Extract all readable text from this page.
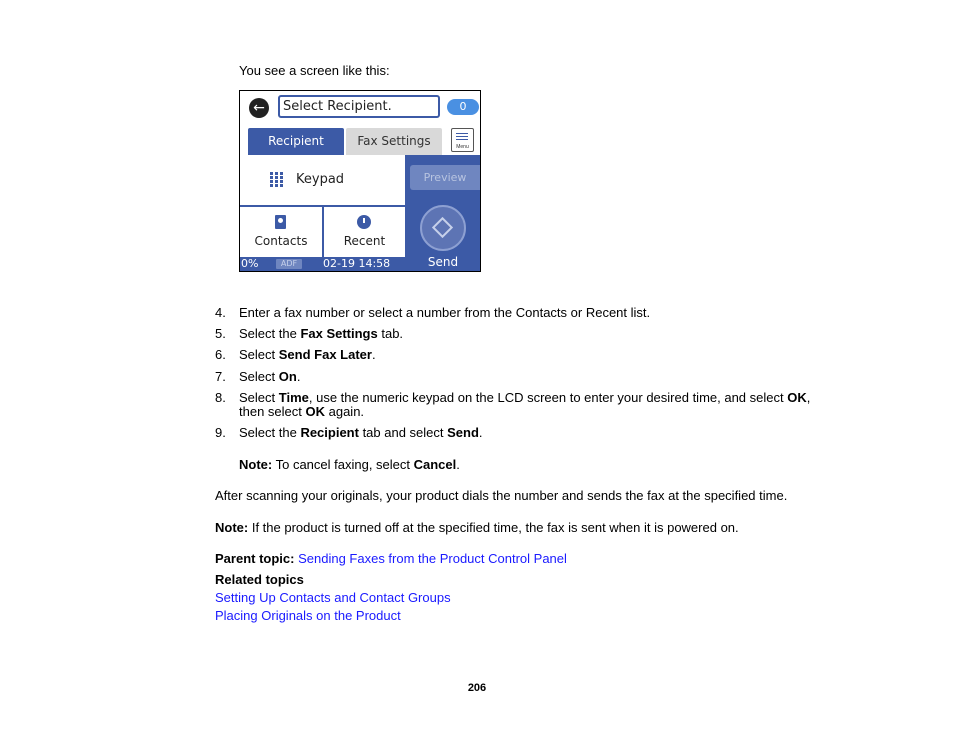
You see a screen like this:
←	Select Recipient.	0
Recipient	Fax Settings	Menu
Keypad
Contacts	Recent
Preview
Send
0%	ADF	02-19 14:58
4. Enter a fax number or select a number from the Contacts or Recent list.
5. Select the Fax Settings tab.
6. Select Send Fax Later.
7. Select On.
8. Select Time, use the numeric keypad on the LCD screen to enter your desired time, and select OK,
then select OK again.
9. Select the Recipient tab and select Send.
Note: To cancel faxing, select Cancel.
After scanning your originals, your product dials the number and sends the fax at the specified time.
Note: If the product is turned off at the specified time, the fax is sent when it is powered on.
Parent topic: Sending Faxes from the Product Control Panel
Related topics
Setting Up Contacts and Contact Groups
Placing Originals on the Product
206
